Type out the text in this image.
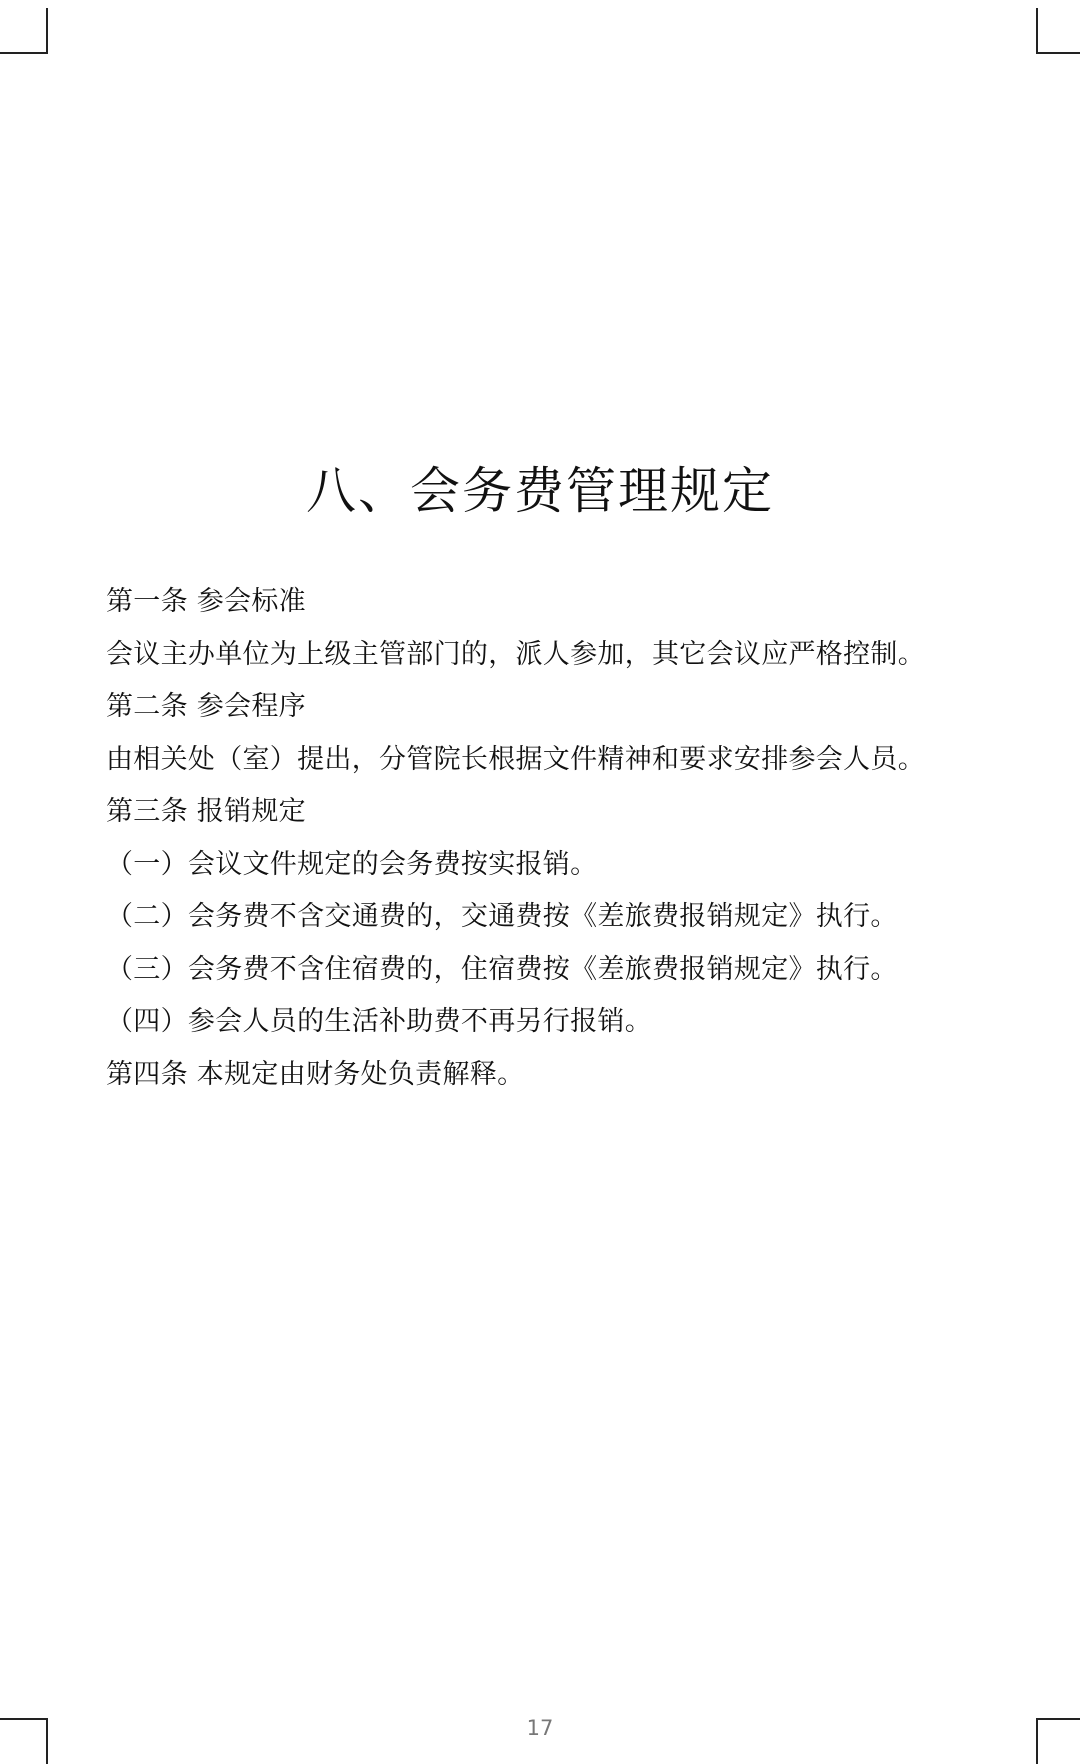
八、会务费管理规定
第一条 参会标准
会议主办单位为上级主管部门的，派人参加，其它会议应严格控制。
第二条 参会程序
由相关处（室）提出，分管院长根据文件精神和要求安排参会人员。
第三条 报销规定
（一）会议文件规定的会务费按实报销。
（二）会务费不含交通费的，交通费按《差旅费报销规定》执行。
（三）会务费不含住宿费的，住宿费按《差旅费报销规定》执行。
（四）参会人员的生活补助费不再另行报销。
第四条 本规定由财务处负责解释。
17
